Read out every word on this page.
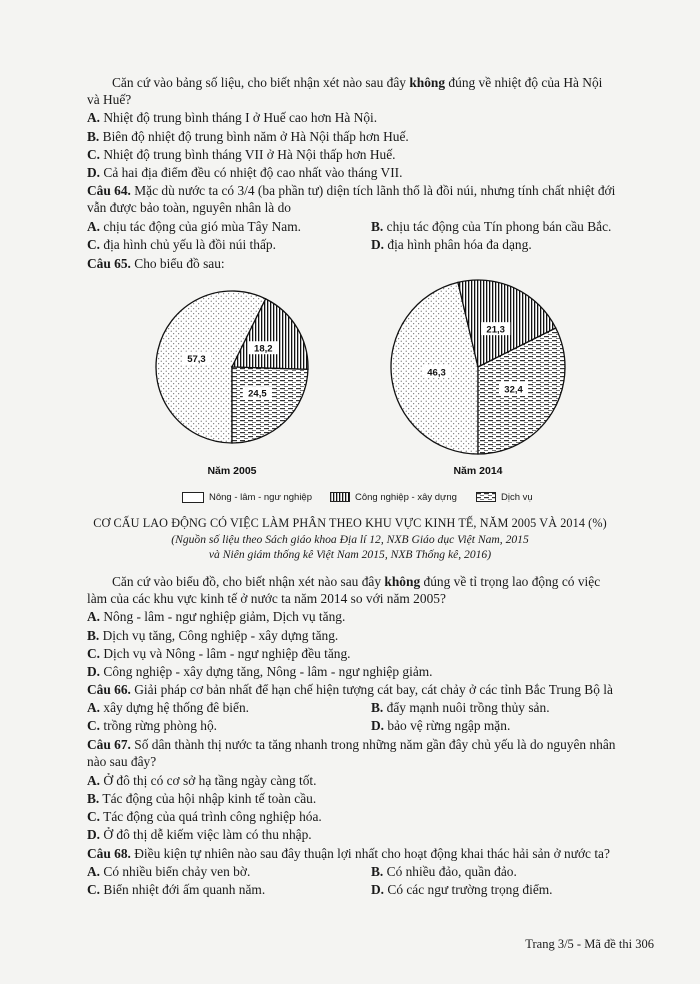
Căn cứ vào bảng số liệu, cho biết nhận xét nào sau đây không đúng về nhiệt độ của Hà Nội
và Huế?
A. Nhiệt độ trung bình tháng I ở Huế cao hơn Hà Nội.
B. Biên độ nhiệt độ trung bình năm ở Hà Nội thấp hơn Huế.
C. Nhiệt độ trung bình tháng VII ở Hà Nội thấp hơn Huế.
D. Cả hai địa điểm đều có nhiệt độ cao nhất vào tháng VII.
Câu 64. Mặc dù nước ta có 3/4 (ba phần tư) diện tích lãnh thổ là đồi núi, nhưng tính chất nhiệt đới
vẫn được bảo toàn, nguyên nhân là do
A. chịu tác động của gió mùa Tây Nam.	B. chịu tác động của Tín phong bán cầu Bắc.
C. địa hình chủ yếu là đồi núi thấp.	D. địa hình phân hóa đa dạng.
Câu 65. Cho biểu đồ sau:
57,3
18,2
24,5
46,3
21,3
32,4
Năm 2005	Năm 2014
Nông - lâm - ngư nghiệp	Công nghiệp - xây dựng	Dịch vụ
CƠ CẤU LAO ĐỘNG CÓ VIỆC LÀM PHÂN THEO KHU VỰC KINH TẾ, NĂM 2005 VÀ 2014 (%)
(Nguồn số liệu theo Sách giáo khoa Địa lí 12, NXB Giáo dục Việt Nam, 2015
và Niên giám thống kê Việt Nam 2015, NXB Thống kê, 2016)
Căn cứ vào biểu đồ, cho biết nhận xét nào sau đây không đúng về tỉ trọng lao động có việc
làm của các khu vực kinh tế ở nước ta năm 2014 so với năm 2005?
A. Nông - lâm - ngư nghiệp giảm, Dịch vụ tăng.
B. Dịch vụ tăng, Công nghiệp - xây dựng tăng.
C. Dịch vụ và Nông - lâm - ngư nghiệp đều tăng.
D. Công nghiệp - xây dựng tăng, Nông - lâm - ngư nghiệp giảm.
Câu 66. Giải pháp cơ bản nhất để hạn chế hiện tượng cát bay, cát chảy ở các tỉnh Bắc Trung Bộ là
A. xây dựng hệ thống đê biển.	B. đẩy mạnh nuôi trồng thủy sản.
C. trồng rừng phòng hộ.	D. bảo vệ rừng ngập mặn.
Câu 67. Số dân thành thị nước ta tăng nhanh trong những năm gần đây chủ yếu là do nguyên nhân
nào sau đây?
A. Ở đô thị có cơ sở hạ tầng ngày càng tốt.
B. Tác động của hội nhập kinh tế toàn cầu.
C. Tác động của quá trình công nghiệp hóa.
D. Ở đô thị dễ kiếm việc làm có thu nhập.
Câu 68. Điều kiện tự nhiên nào sau đây thuận lợi nhất cho hoạt động khai thác hải sản ở nước ta?
A. Có nhiều biển chảy ven bờ.	B. Có nhiều đảo, quần đảo.
C. Biển nhiệt đới ấm quanh năm.	D. Có các ngư trường trọng điểm.
Trang 3/5 - Mã đề thi 306
